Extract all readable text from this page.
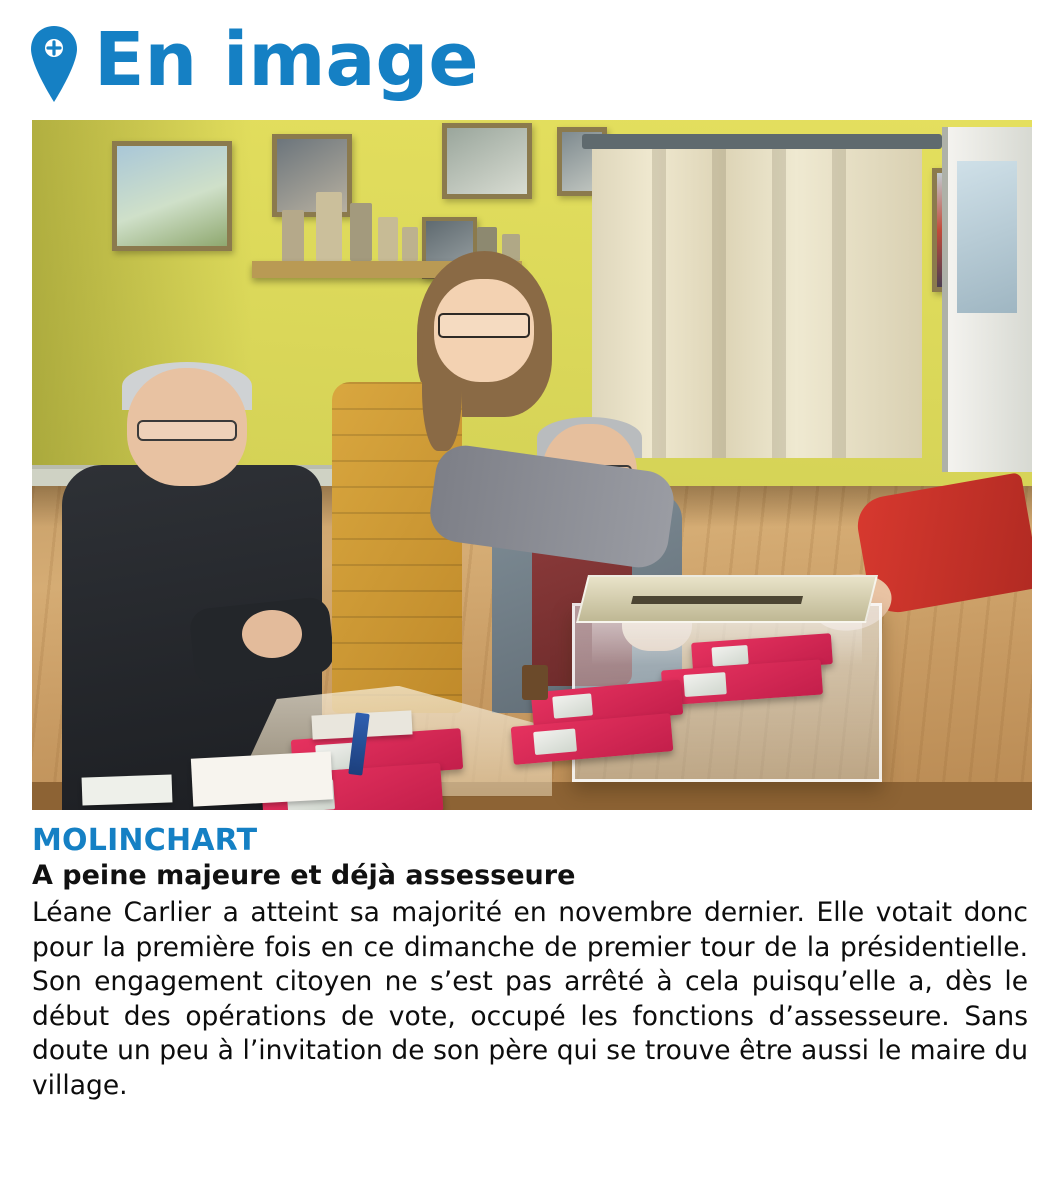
En image
MOLINCHART
A peine majeure et déjà assesseure

Léane Carlier a atteint sa majorité en novembre dernier. Elle votait donc pour la première fois en ce dimanche de premier tour de la présidentielle. Son engagement citoyen ne s’est pas arrêté à cela puisqu’elle a, dès le début des opérations de vote, occupé les fonctions d’assesseure. Sans doute un peu à l’invitation de son père qui se trouve être aussi le maire du village.
